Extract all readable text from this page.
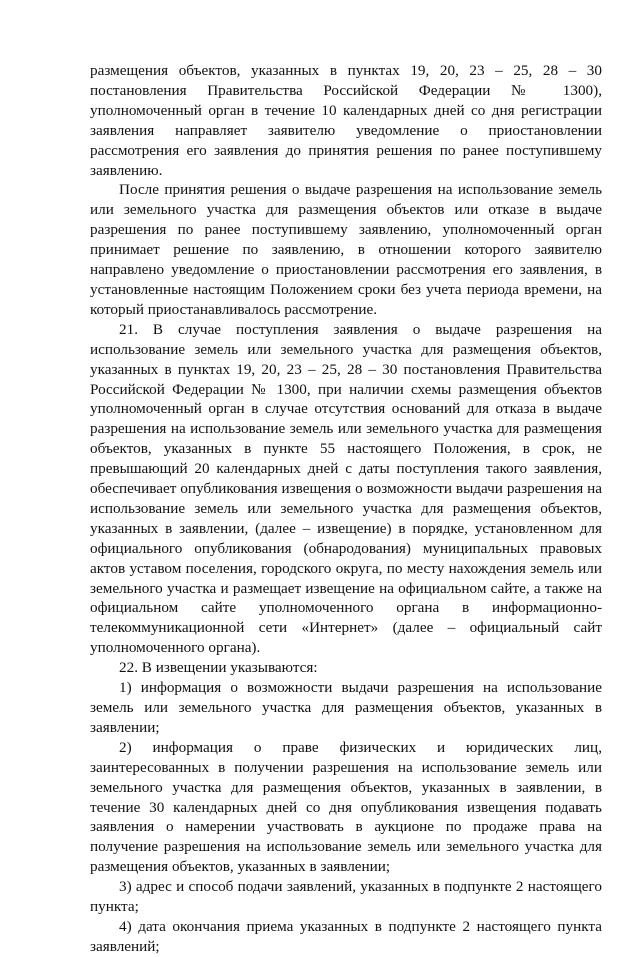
размещения объектов, указанных в пунктах 19, 20, 23 – 25, 28 – 30 постановления Правительства Российской Федерации № 1300), уполномоченный орган в течение 10 календарных дней со дня регистрации заявления направляет заявителю уведомление о приостановлении рассмотрения его заявления до принятия решения по ранее поступившему заявлению.

После принятия решения о выдаче разрешения на использование земель или земельного участка для размещения объектов или отказе в выдаче разрешения по ранее поступившему заявлению, уполномоченный орган принимает решение по заявлению, в отношении которого заявителю направлено уведомление о приостановлении рассмотрения его заявления, в установленные настоящим Положением сроки без учета периода времени, на который приостанавливалось рассмотрение.

21. В случае поступления заявления о выдаче разрешения на использование земель или земельного участка для размещения объектов, указанных в пунктах 19, 20, 23 – 25, 28 – 30 постановления Правительства Российской Федерации № 1300, при наличии схемы размещения объектов уполномоченный орган в случае отсутствия оснований для отказа в выдаче разрешения на использование земель или земельного участка для размещения объектов, указанных в пункте 55 настоящего Положения, в срок, не превышающий 20 календарных дней с даты поступления такого заявления, обеспечивает опубликования извещения о возможности выдачи разрешения на использование земель или земельного участка для размещения объектов, указанных в заявлении, (далее – извещение) в порядке, установленном для официального опубликования (обнародования) муниципальных правовых актов уставом поселения, городского округа, по месту нахождения земель или земельного участка и размещает извещение на официальном сайте, а также на официальном сайте уполномоченного органа в информационно-телекоммуникационной сети «Интернет» (далее – официальный сайт уполномоченного органа).

22. В извещении указываются:

1) информация о возможности выдачи разрешения на использование земель или земельного участка для размещения объектов, указанных в заявлении;

2) информация о праве физических и юридических лиц, заинтересованных в получении разрешения на использование земель или земельного участка для размещения объектов, указанных в заявлении, в течение 30 календарных дней со дня опубликования извещения подавать заявления о намерении участвовать в аукционе по продаже права на получение разрешения на использование земель или земельного участка для размещения объектов, указанных в заявлении;

3) адрес и способ подачи заявлений, указанных в подпункте 2 настоящего пункта;

4) дата окончания приема указанных в подпункте 2 настоящего пункта заявлений;
